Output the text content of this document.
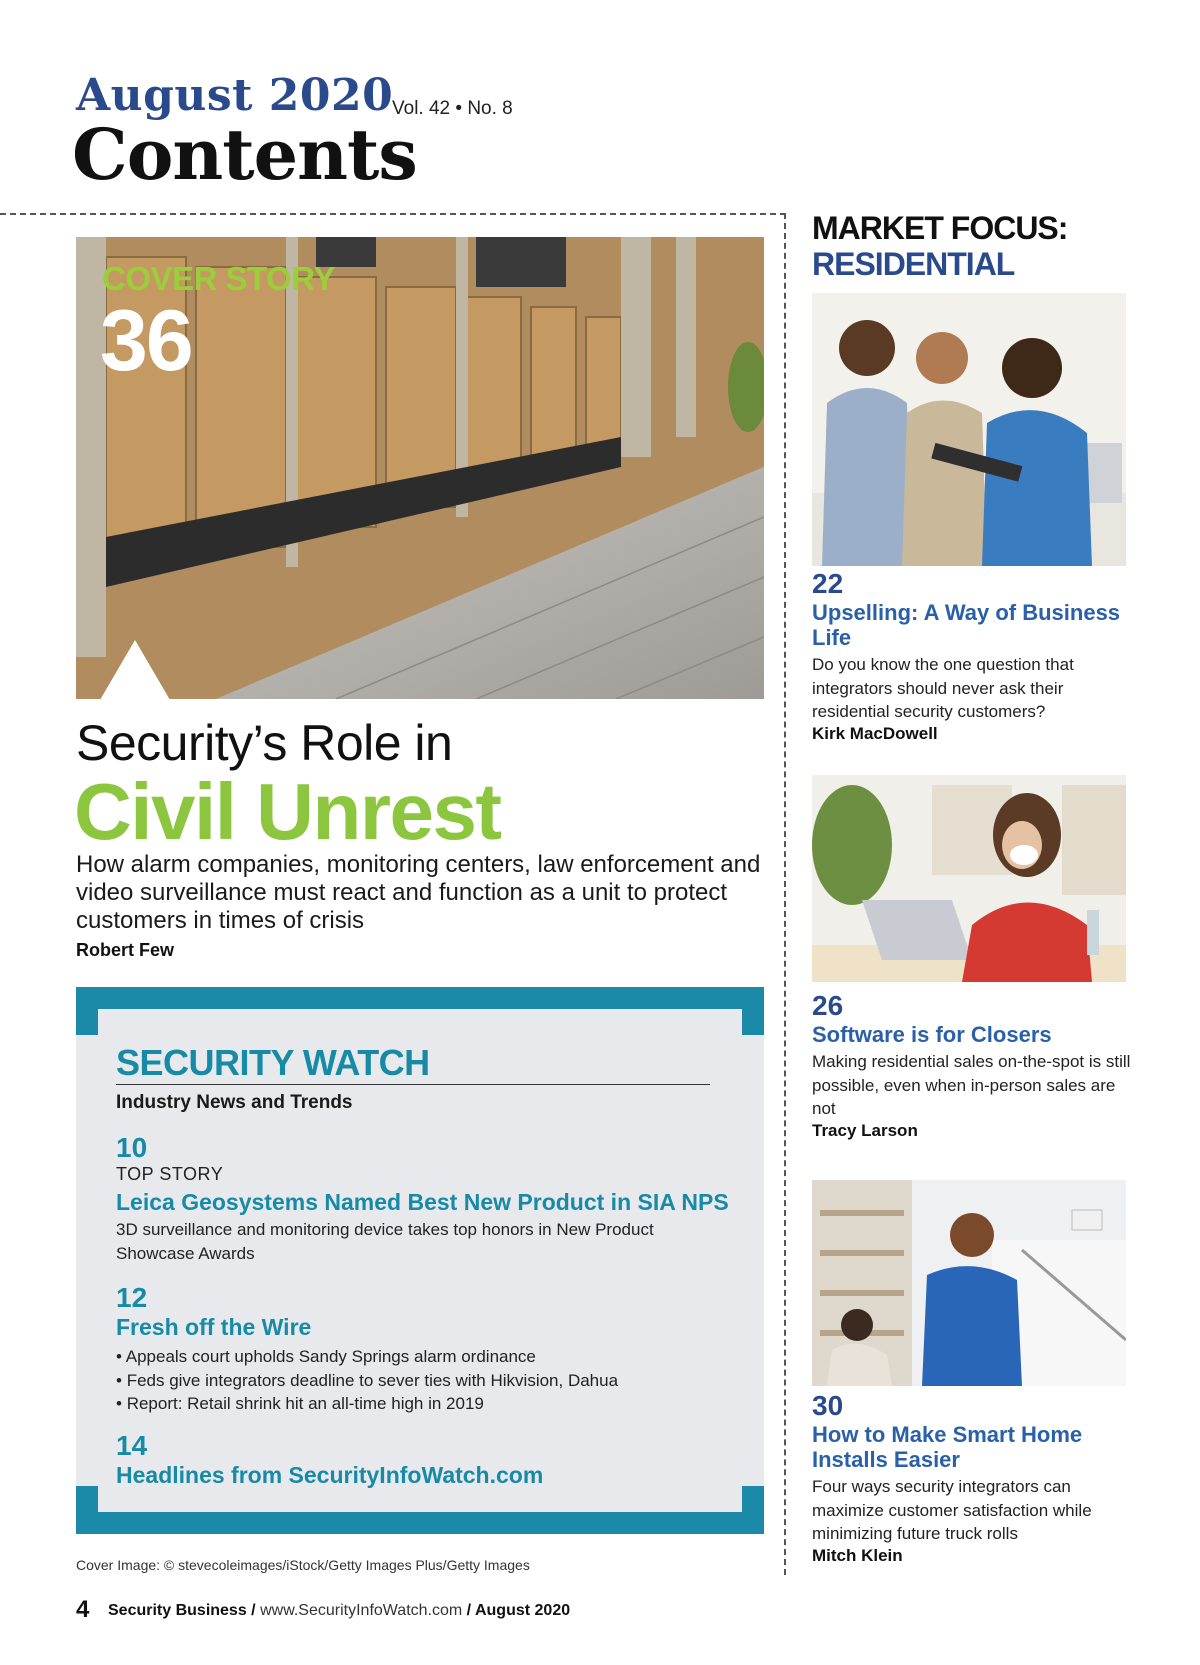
August 2020
Vol. 42 • No. 8
Contents
COVER STORY
36
Security’s Role in
Civil Unrest
How alarm companies, monitoring centers, law enforcement and video surveillance must react and function as a unit to protect customers in times of crisis
Robert Few
SECURITY WATCH
Industry News and Trends
10
TOP STORY
Leica Geosystems Named Best New Product in SIA NPS
3D surveillance and monitoring device takes top honors in New Product Showcase Awards
12
Fresh off the Wire
• Appeals court upholds Sandy Springs alarm ordinance
• Feds give integrators deadline to sever ties with Hikvision, Dahua
• Report: Retail shrink hit an all-time high in 2019
14
Headlines from SecurityInfoWatch.com
Cover Image: © stevecoleimages/iStock/Getty Images Plus/Getty Images
4 Security Business / www.SecurityInfoWatch.com / August 2020
MARKET FOCUS:
RESIDENTIAL
22
Upselling: A Way of Business Life
Do you know the one question that integrators should never ask their residential security customers?
Kirk MacDowell
26
Software is for Closers
Making residential sales on-the-spot is still possible, even when in-person sales are not
Tracy Larson
30
How to Make Smart Home Installs Easier
Four ways security integrators can maximize customer satisfaction while minimizing future truck rolls
Mitch Klein
